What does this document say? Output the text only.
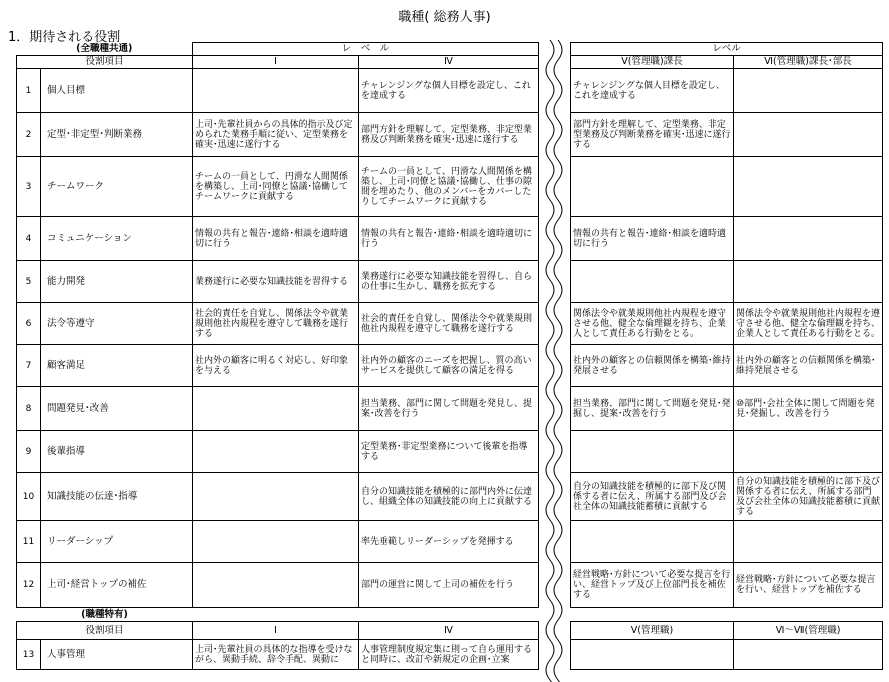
職種( 総務人事)
1．期待される役割
(全職種共通)		レ　ベ　ル	
役割項目		Ⅰ	Ⅳ
1	個人目標		チャレンジングな個人目標を設定し、これを達成する
2	定型･非定型･判断業務	上司･先輩社員からの具体的指示及び定められた業務手順に従い、定型業務を確実･迅速に遂行する	部門方針を理解して、定型業務、非定型業務及び判断業務を確実･迅速に遂行する
3	チームワーク	チームの一員として、円滑な人間関係を構築し、上司･同僚と協議･協働してチームワークに貢献する	チームの一員として、円滑な人間関係を構築し、上司･同僚と協議･協働し、仕事の隙間を埋めたり、他のメンバーをカバーしたりしてチームワークに貢献する
4	コミュニケーション	情報の共有と報告･連絡･相談を適時適切に行う	情報の共有と報告･連絡･相談を適時適切に行う
5	能力開発	業務遂行に必要な知識技能を習得する	業務遂行に必要な知識技能を習得し、自らの仕事に生かし、職務を拡充する
6	法令等遵守	社会的責任を自覚し、関係法令や就業規則他社内規程を遵守して職務を遂行する	社会的責任を自覚し、関係法令や就業規則他社内規程を遵守して職務を遂行する
7	顧客満足	社内外の顧客に明るく対応し、好印象を与える	社内外の顧客のニーズを把握し、質の高いサービスを提供して顧客の満足を得る
8	問題発見･改善		担当業務、部門に関して問題を発見し、提案･改善を行う
9	後輩指導		定型業務･非定型業務について後輩を指導する
10	知識技能の伝達･指導		自分の知識技能を積極的に部門内外に伝達し、組織全体の知識技能の向上に貢献する
11	リーダーシップ		率先垂範しリーダーシップを発揮する
12	上司･経営トップの補佐		部門の運営に関して上司の補佐を行う
(職種特有)			
役割項目		Ⅰ	Ⅳ
13	人事管理	上司･先輩社員の具体的な指導を受けながら、異動手続、辞令手配、異動に	人事管理制度規定集に則って自ら運用すると同時に、改訂や新規定の企画･立案
レベル	
Ⅴ(管理職)課長	Ⅵ(管理職)課長･部長
チャレンジングな個人目標を設定し、これを達成する	
部門方針を理解して、定型業務、非定型業務及び判断業務を確実･迅速に遂行する	

情報の共有と報告･連絡･相談を適時適切に行う	

関係法令や就業規則他社内規程を遵守させる他、健全な倫理観を持ち、企業人として責任ある行動をとる。	関係法令や就業規則他社内規程を遵守させる他、健全な倫理観を持ち、企業人として責任ある行動をとる。
社内外の顧客との信頼関係を構築･維持発展させる	社内外の顧客との信頼関係を構築･維持発展させる
担当業務、部門に関して問題を発見･発掘し、提案･改善を行う	⑩部門･会社全体に関して問題を発見･発掘し、改善を行う

自分の知識技能を積極的に部下及び関係する者に伝え、所属する部門及び会社全体の知識技能蓄積に貢献する	自分の知識技能を積極的に部下及び関係する者に伝え、所属する部門及び会社全体の知識技能蓄積に貢献する

経営戦略･方針について必要な提言を行い、経営トップ及び上位部門長を補佐する	経営戦略･方針について必要な提言を行い、経営トップを補佐する

Ⅴ(管理職)	Ⅵ～Ⅶ(管理職)
